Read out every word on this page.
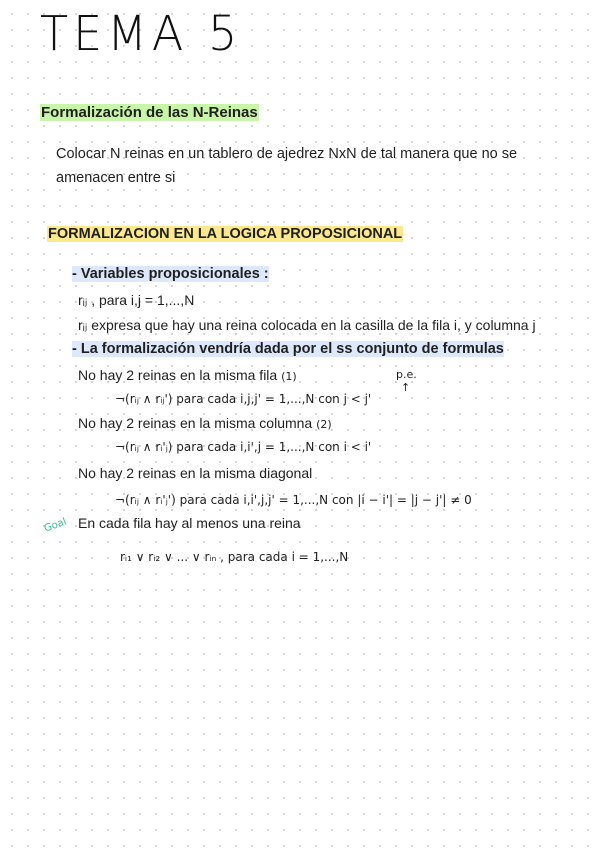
TEMA 5
Formalización de las N-Reinas
Colocar N reinas en un tablero de ajedrez NxN de tal manera que no se amenacen entre si
FORMALIZACION EN LA LOGICA PROPOSICIONAL
- Variables proposicionales :
rᵢⱼ , para i,j = 1,...,N
rᵢⱼ expresa que hay una reina colocada en la casilla de la fila i, y columna j
- La formalización vendría dada por el ss conjunto de formulas
No hay 2 reinas en la misma fila (1)
¬(rᵢⱼ ∧ rᵢⱼ') para cada i,j,j' = 1,...,N con j < j'
No hay 2 reinas en la misma columna (2)
¬(rᵢⱼ ∧ rᵢ'ⱼ) para cada i,i',j = 1,...,N con i < i'
No hay 2 reinas en la misma diagonal
¬(rᵢⱼ ∧ rᵢ'ⱼ') para cada i,i',j,j' = 1,...,N con |i − i'| = |j − j'| ≠ 0
En cada fila hay al menos una reina
rᵢ₁ ∨ rᵢ₂ ∨ ... ∨ rᵢₙ , para cada i = 1,...,N
p.e.
↑
Goal
